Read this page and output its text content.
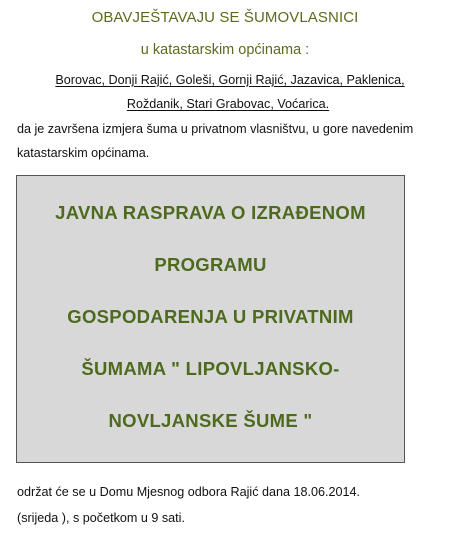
OBAVJEŠTAVAJU SE ŠUMOVLASNICI
u katastarskim općinama :
Borovac, Donji Rajić, Goleši, Gornji Rajić, Jazavica, Paklenica,
Roždanik, Stari Grabovac, Voćarica.
da je završena izmjera šuma u privatnom vlasništvu, u gore navedenim katastarskim općinama.
JAVNA RASPRAVA O IZRAĐENOM
PROGRAMU
GOSPODARENJA U PRIVATNIM
ŠUMAMA " LIPOVLJANSKO-
NOVLJANSKE ŠUME "
održat će se u Domu Mjesnog odbora Rajić dana 18.06.2014.
(srijeda ), s početkom u 9 sati.
